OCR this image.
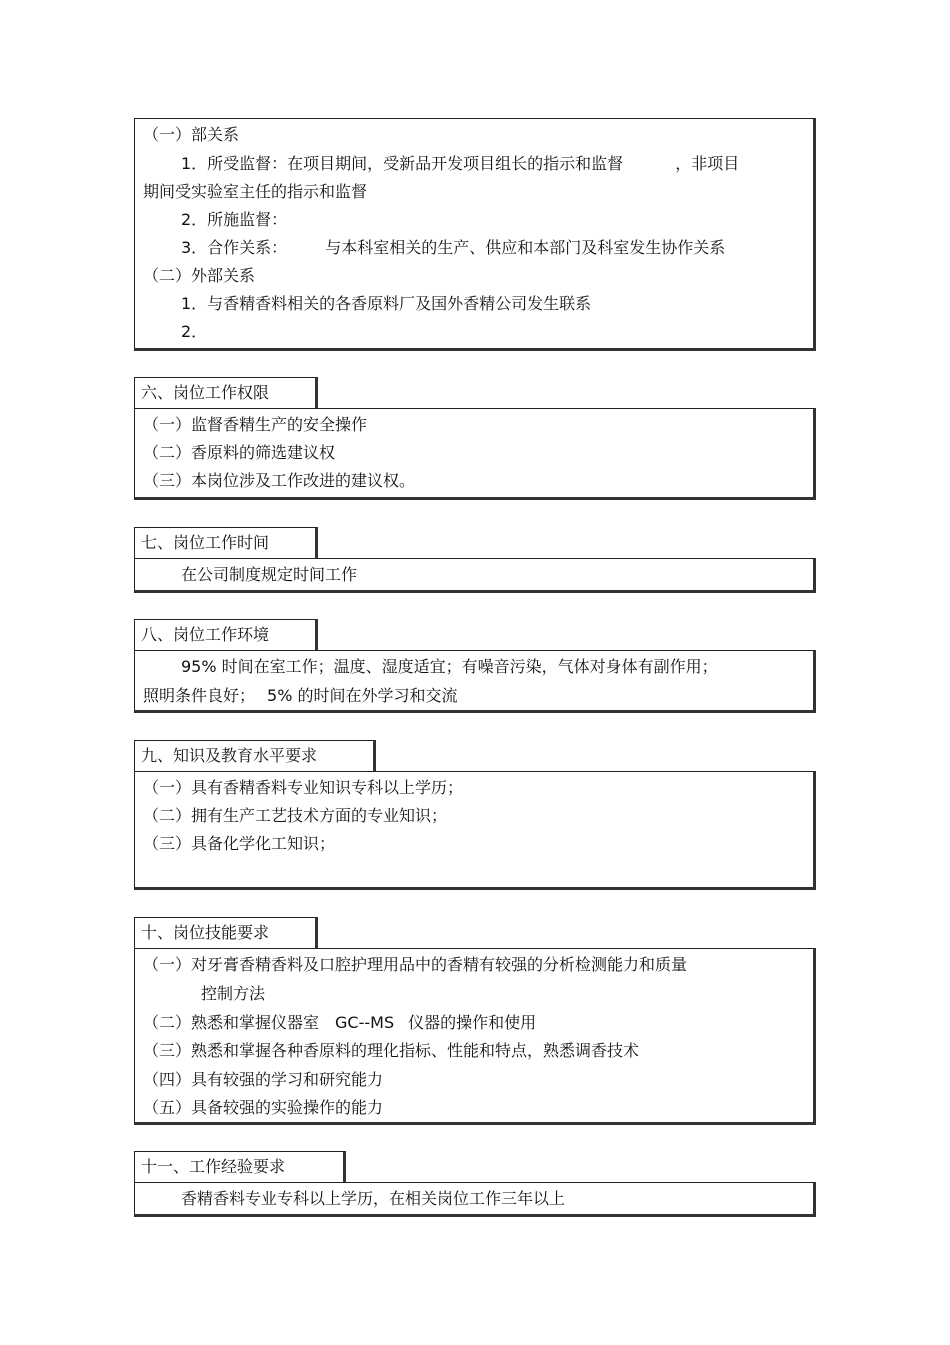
（一）部关系
1．所受监督：在项目期间，受新品开发项目组长的指示和监督	，非项目
期间受实验室主任的指示和监督
2．所施监督：
3．合作关系： 与本科室相关的生产、供应和本部门及科室发生协作关系
（二）外部关系
1．与香精香料相关的各香原料厂及国外香精公司发生联系
2．
六、岗位工作权限
（一）监督香精生产的安全操作
（二）香原料的筛选建议权
（三）本岗位涉及工作改进的建议权。
七、岗位工作时间
在公司制度规定时间工作
八、岗位工作环境
95% 时间在室工作；温度、湿度适宜；有噪音污染，气体对身体有副作用；
照明条件良好； 5% 的时间在外学习和交流
九、知识及教育水平要求
（一）具有香精香料专业知识专科以上学历；
（二）拥有生产工艺技术方面的专业知识；
（三）具备化学化工知识；
十、岗位技能要求
（一）对牙膏香精香料及口腔护理用品中的香精有较强的分析检测能力和质量
控制方法
（二）熟悉和掌握仪器室 GC--MS 仪器的操作和使用
（三）熟悉和掌握各种香原料的理化指标、性能和特点，熟悉调香技术
（四）具有较强的学习和研究能力
（五）具备较强的实验操作的能力
十一、工作经验要求
香精香料专业专科以上学历，在相关岗位工作三年以上
